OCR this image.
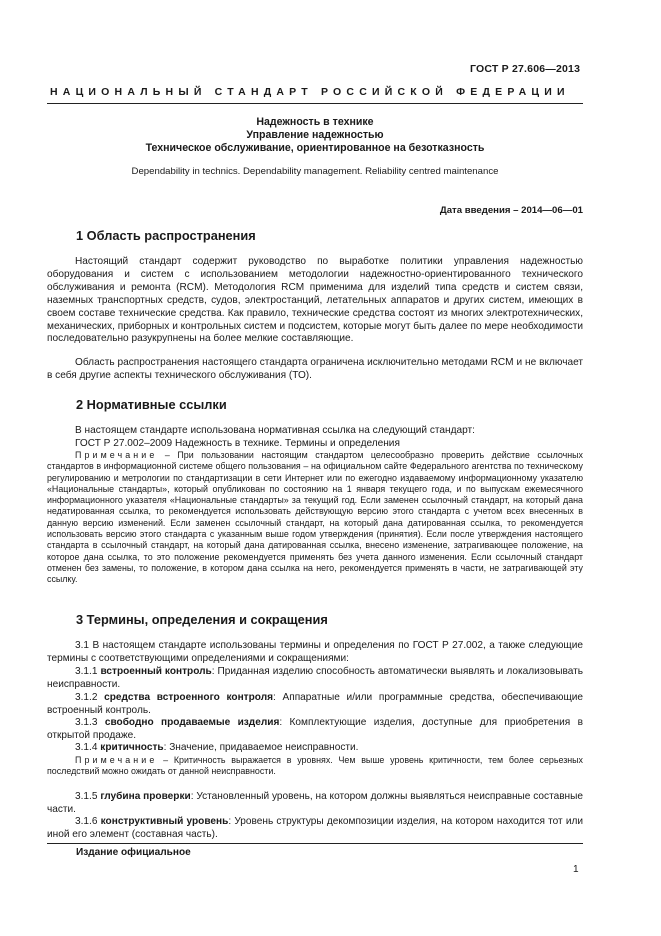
ГОСТ Р 27.606—2013
НАЦИОНАЛЬНЫЙ СТАНДАРТ РОССИЙСКОЙ ФЕДЕРАЦИИ
Надежность в технике
Управление надежностью
Техническое обслуживание, ориентированное на безотказность
Dependability in technics. Dependability management. Reliability centred maintenance
Дата введения – 2014—06—01
1 Область распространения
Настоящий стандарт содержит руководство по выработке политики управления надежностью оборудования и систем с использованием методологии надежностно-ориентированного технического обслуживания и ремонта (RCM). Методология RCM применима для изделий типа средств и систем связи, наземных транспортных средств, судов, электростанций, летательных аппаратов и других систем, имеющих в своем составе технические средства. Как правило, технические средства состоят из многих электротехнических, механических, приборных и контрольных систем и подсистем, которые могут быть далее по мере необходимости последовательно разукрупнены на более мелкие составляющие.
Область распространения настоящего стандарта ограничена исключительно методами RCM и не включает в себя другие аспекты технического обслуживания (ТО).
2 Нормативные ссылки
В настоящем стандарте использована нормативная ссылка на следующий стандарт:
ГОСТ Р 27.002–2009 Надежность в технике. Термины и определения
Примечание – При пользовании настоящим стандартом целесообразно проверить действие ссылочных стандартов в информационной системе общего пользования – на официальном сайте Федерального агентства по техническому регулированию и метрологии по стандартизации в сети Интернет или по ежегодно издаваемому информационному указателю «Национальные стандарты», который опубликован по состоянию на 1 января текущего года, и по выпускам ежемесячного информационного указателя «Национальные стандарты» за текущий год. Если заменен ссылочный стандарт, на который дана недатированная ссылка, то рекомендуется использовать действующую версию этого стандарта с учетом всех внесенных в данную версию изменений. Если заменен ссылочный стандарт, на который дана датированная ссылка, то рекомендуется использовать версию этого стандарта с указанным выше годом утверждения (принятия). Если после утверждения настоящего стандарта в ссылочный стандарт, на который дана датированная ссылка, внесено изменение, затрагивающее положение, на которое дана ссылка, то это положение рекомендуется применять без учета данного изменения. Если ссылочный стандарт отменен без замены, то положение, в котором дана ссылка на него, рекомендуется применять в части, не затрагивающей эту ссылку.
3 Термины, определения и сокращения
3.1 В настоящем стандарте использованы термины и определения по ГОСТ Р 27.002, а также следующие термины с соответствующими определениями и сокращениями:
3.1.1 встроенный контроль: Приданная изделию способность автоматически выявлять и локализовывать неисправности.
3.1.2 средства встроенного контроля: Аппаратные и/или программные средства, обеспечивающие встроенный контроль.
3.1.3 свободно продаваемые изделия: Комплектующие изделия, доступные для приобретения в открытой продаже.
3.1.4 критичность: Значение, придаваемое неисправности.
Примечание – Критичность выражается в уровнях. Чем выше уровень критичности, тем более серьезных последствий можно ожидать от данной неисправности.
3.1.5 глубина проверки: Установленный уровень, на котором должны выявляться неисправные составные части.
3.1.6 конструктивный уровень: Уровень структуры декомпозиции изделия, на котором находится тот или иной его элемент (составная часть).
Издание официальное
1
